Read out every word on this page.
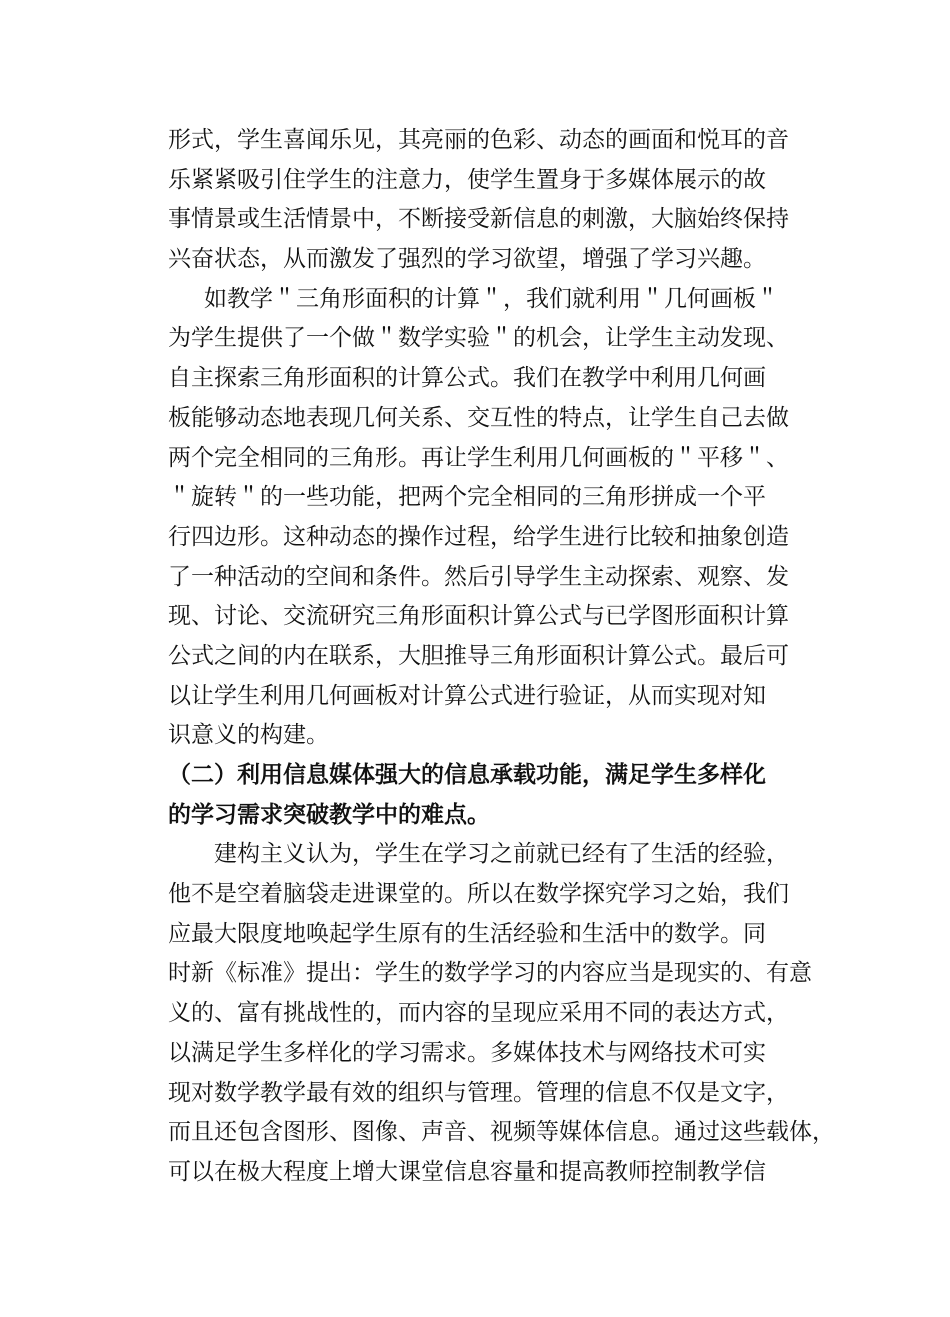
形式，学生喜闻乐见，其亮丽的色彩、动态的画面和悦耳的音
乐紧紧吸引住学生的注意力，使学生置身于多媒体展示的故
事情景或生活情景中，不断接受新信息的刺激，大脑始终保持
兴奋状态，从而激发了强烈的学习欲望，增强了学习兴趣。
如教学＂三角形面积的计算＂，我们就利用＂几何画板＂
为学生提供了一个做＂数学实验＂的机会，让学生主动发现、
自主探索三角形面积的计算公式。我们在教学中利用几何画
板能够动态地表现几何关系、交互性的特点，让学生自己去做
两个完全相同的三角形。再让学生利用几何画板的＂平移＂、
＂旋转＂的一些功能，把两个完全相同的三角形拼成一个平
行四边形。这种动态的操作过程，给学生进行比较和抽象创造
了一种活动的空间和条件。然后引导学生主动探索、观察、发
现、讨论、交流研究三角形面积计算公式与已学图形面积计算
公式之间的内在联系，大胆推导三角形面积计算公式。最后可
以让学生利用几何画板对计算公式进行验证，从而实现对知
识意义的构建。
（二）利用信息媒体强大的信息承载功能，满足学生多样化
的学习需求突破教学中的难点。
建构主义认为，学生在学习之前就已经有了生活的经验，
他不是空着脑袋走进课堂的。所以在数学探究学习之始，我们
应最大限度地唤起学生原有的生活经验和生活中的数学。同
时新《标准》提出：学生的数学学习的内容应当是现实的、有意
义的、富有挑战性的，而内容的呈现应采用不同的表达方式，
以满足学生多样化的学习需求。多媒体技术与网络技术可实
现对数学教学最有效的组织与管理。管理的信息不仅是文字，
而且还包含图形、图像、声音、视频等媒体信息。通过这些载体，
可以在极大程度上增大课堂信息容量和提高教师控制教学信
